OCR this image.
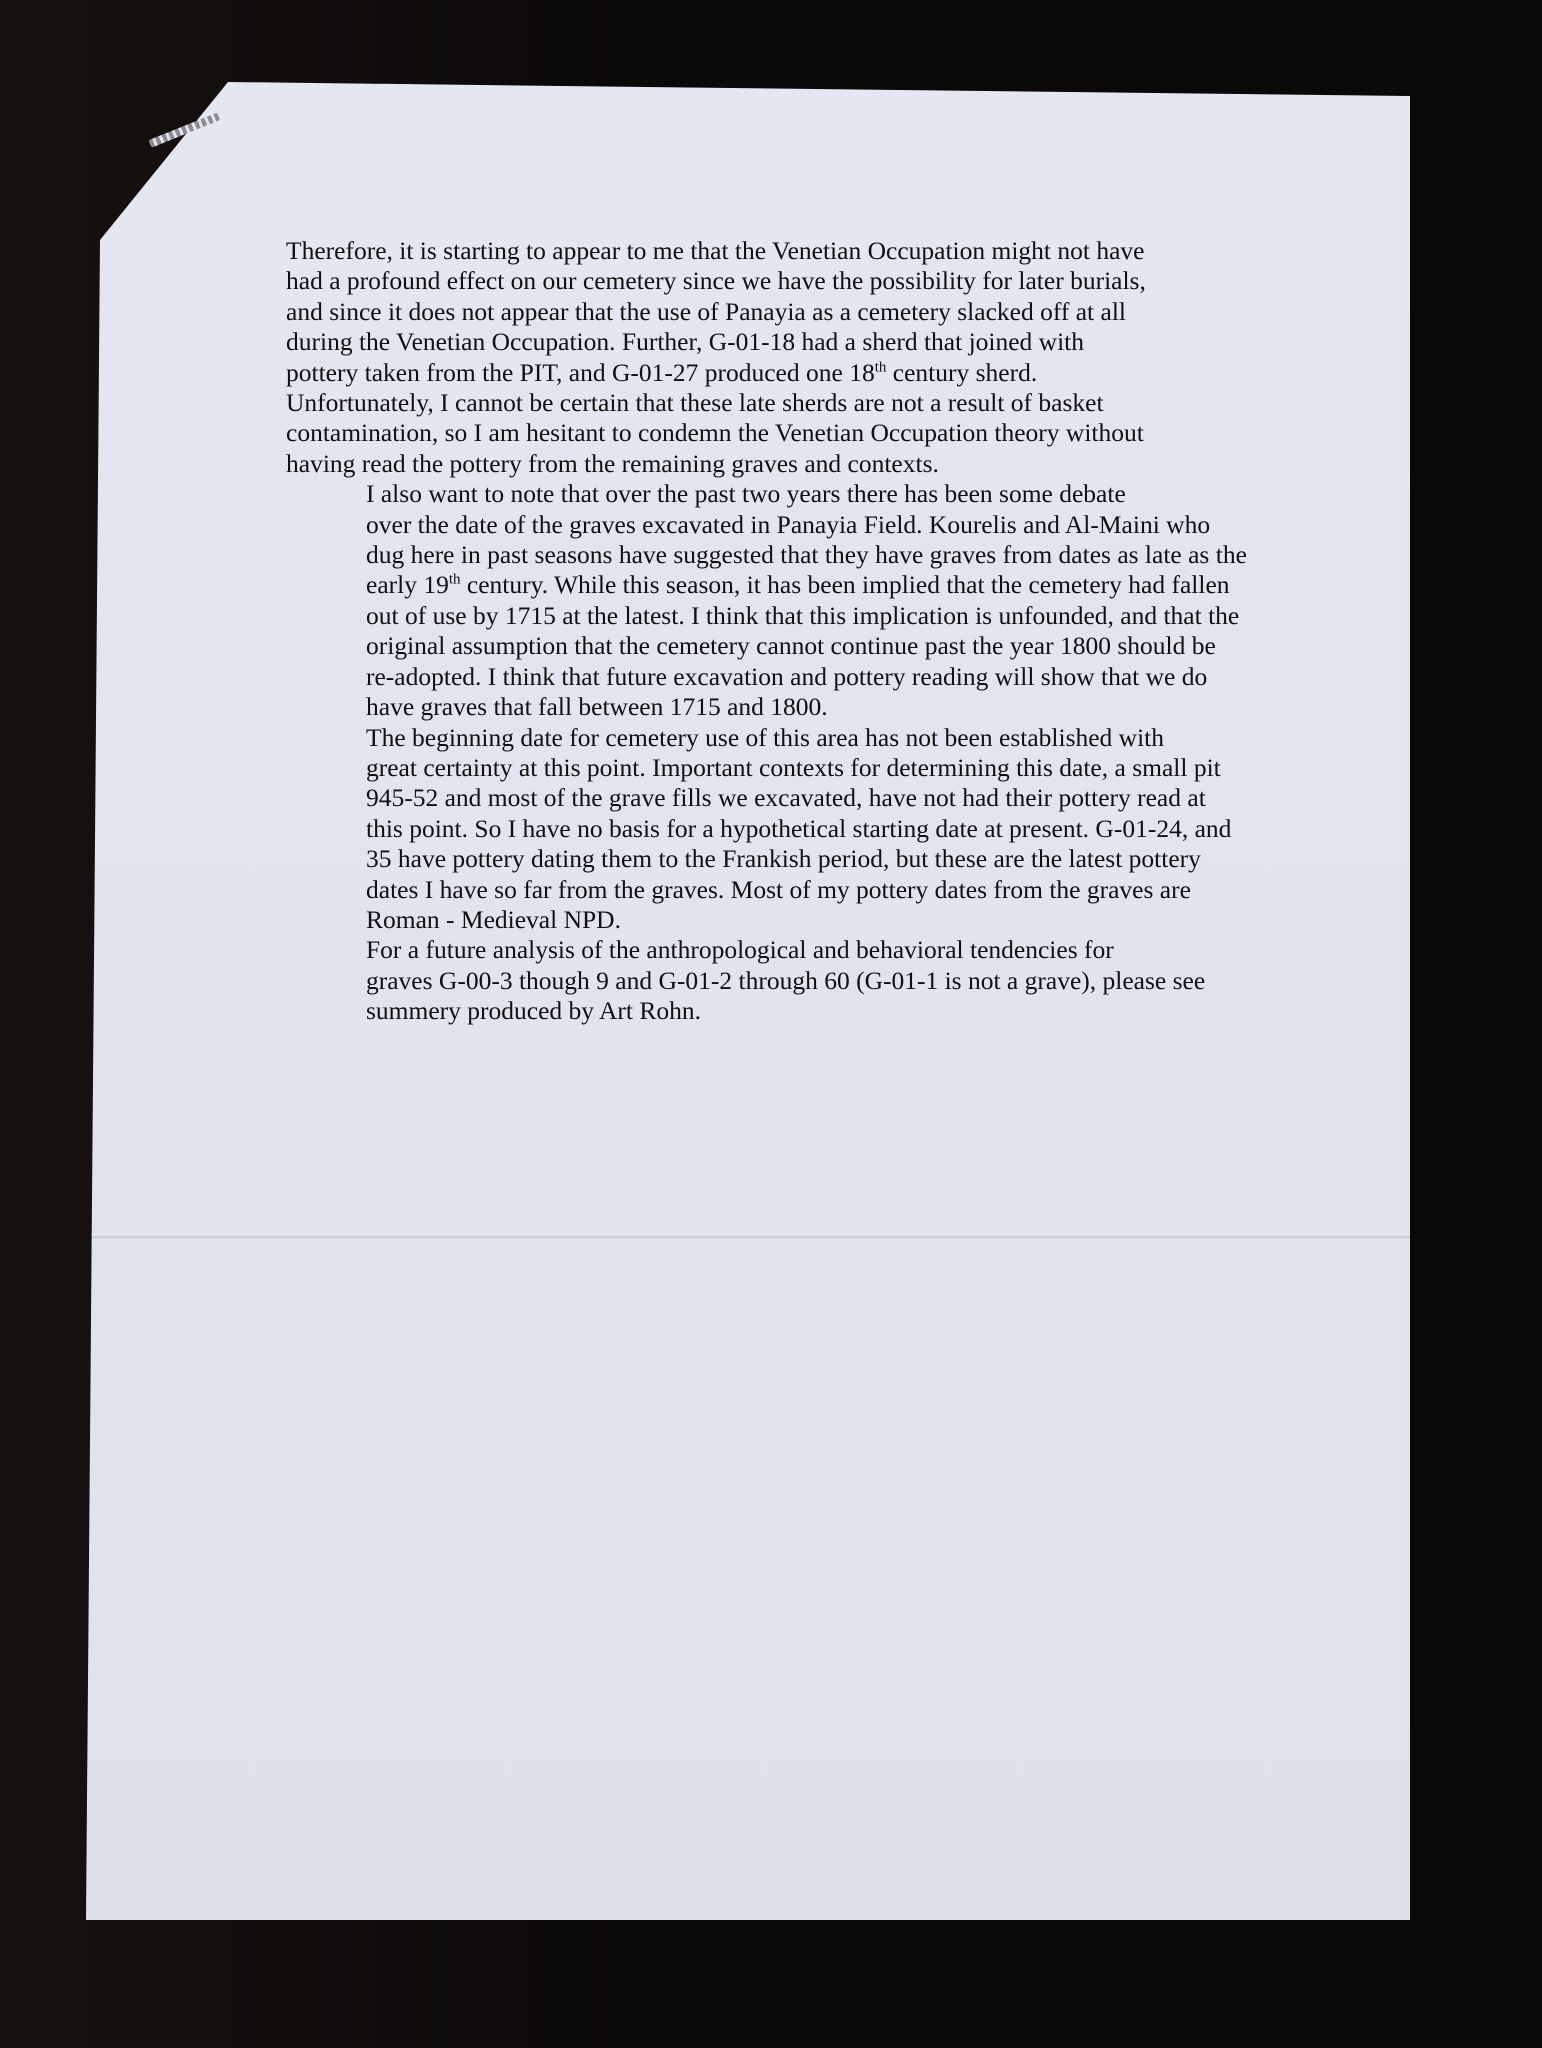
Therefore, it is starting to appear to me that the Venetian Occupation might not have
had a profound effect on our cemetery since we have the possibility for later burials,
and since it does not appear that the use of Panayia as a cemetery slacked off at all
during the Venetian Occupation. Further, G-01-18 had a sherd that joined with
pottery taken from the PIT, and G-01-27 produced one 18th century sherd.
Unfortunately, I cannot be certain that these late sherds are not a result of basket
contamination, so I am hesitant to condemn the Venetian Occupation theory without
having read the pottery from the remaining graves and contexts.

I also want to note that over the past two years there has been some debate
over the date of the graves excavated in Panayia Field. Kourelis and Al-Maini who
dug here in past seasons have suggested that they have graves from dates as late as the
early 19th century. While this season, it has been implied that the cemetery had fallen
out of use by 1715 at the latest. I think that this implication is unfounded, and that the
original assumption that the cemetery cannot continue past the year 1800 should be
re-adopted. I think that future excavation and pottery reading will show that we do
have graves that fall between 1715 and 1800.

The beginning date for cemetery use of this area has not been established with
great certainty at this point. Important contexts for determining this date, a small pit
945-52 and most of the grave fills we excavated, have not had their pottery read at
this point. So I have no basis for a hypothetical starting date at present. G-01-24, and
35 have pottery dating them to the Frankish period, but these are the latest pottery
dates I have so far from the graves. Most of my pottery dates from the graves are
Roman - Medieval NPD.

For a future analysis of the anthropological and behavioral tendencies for
graves G-00-3 though 9 and G-01-2 through 60 (G-01-1 is not a grave), please see
summery produced by Art Rohn.
